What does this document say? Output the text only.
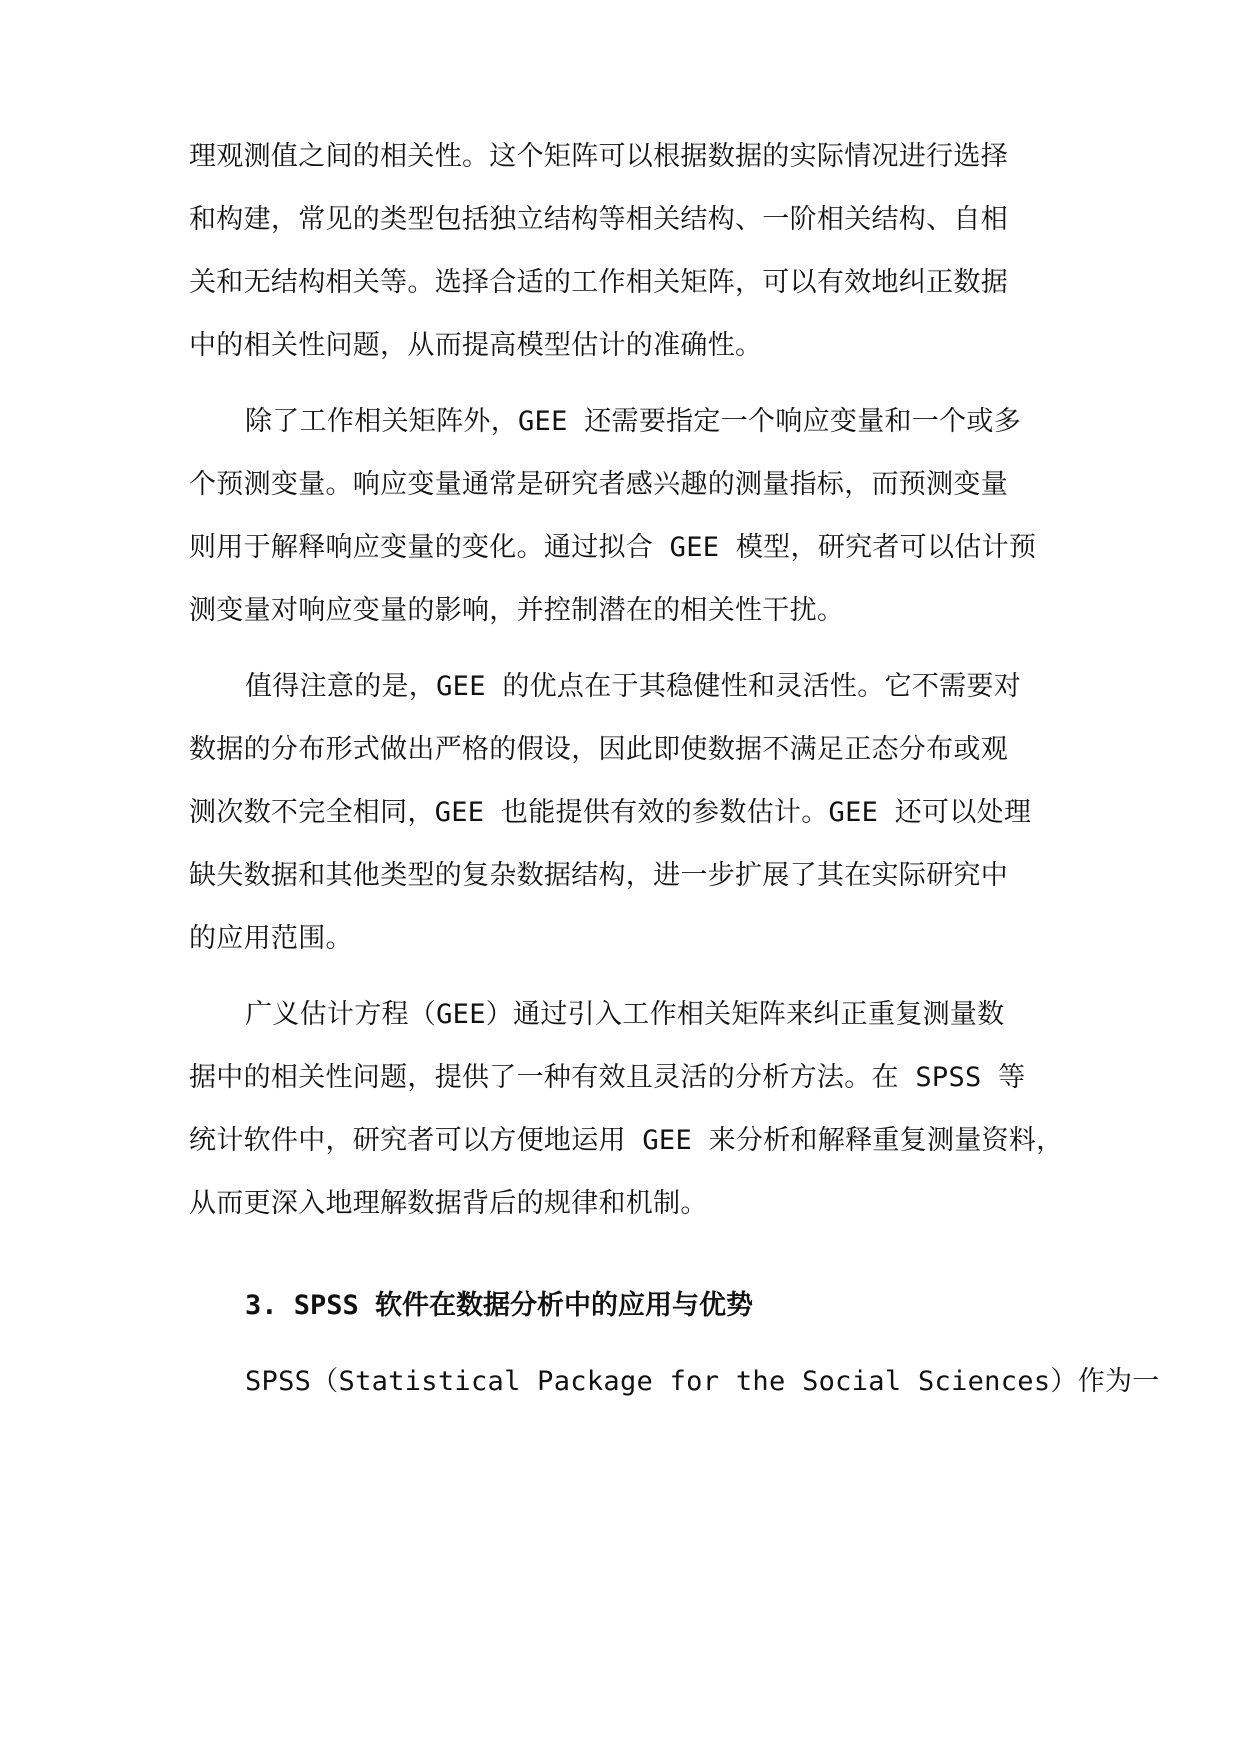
理观测值之间的相关性。这个矩阵可以根据数据的实际情况进行选择
和构建，常见的类型包括独立结构等相关结构、一阶相关结构、自相
关和无结构相关等。选择合适的工作相关矩阵，可以有效地纠正数据
中的相关性问题，从而提高模型估计的准确性。
除了工作相关矩阵外，GEE 还需要指定一个响应变量和一个或多
个预测变量。响应变量通常是研究者感兴趣的测量指标，而预测变量
则用于解释响应变量的变化。通过拟合 GEE 模型，研究者可以估计预
测变量对响应变量的影响，并控制潜在的相关性干扰。
值得注意的是，GEE 的优点在于其稳健性和灵活性。它不需要对
数据的分布形式做出严格的假设，因此即使数据不满足正态分布或观
测次数不完全相同，GEE 也能提供有效的参数估计。GEE 还可以处理
缺失数据和其他类型的复杂数据结构，进一步扩展了其在实际研究中
的应用范围。
广义估计方程（GEE）通过引入工作相关矩阵来纠正重复测量数
据中的相关性问题，提供了一种有效且灵活的分析方法。在 SPSS 等
统计软件中，研究者可以方便地运用 GEE 来分析和解释重复测量资料，
从而更深入地理解数据背后的规律和机制。
3. SPSS 软件在数据分析中的应用与优势
SPSS（Statistical Package for the Social Sciences）作为一
